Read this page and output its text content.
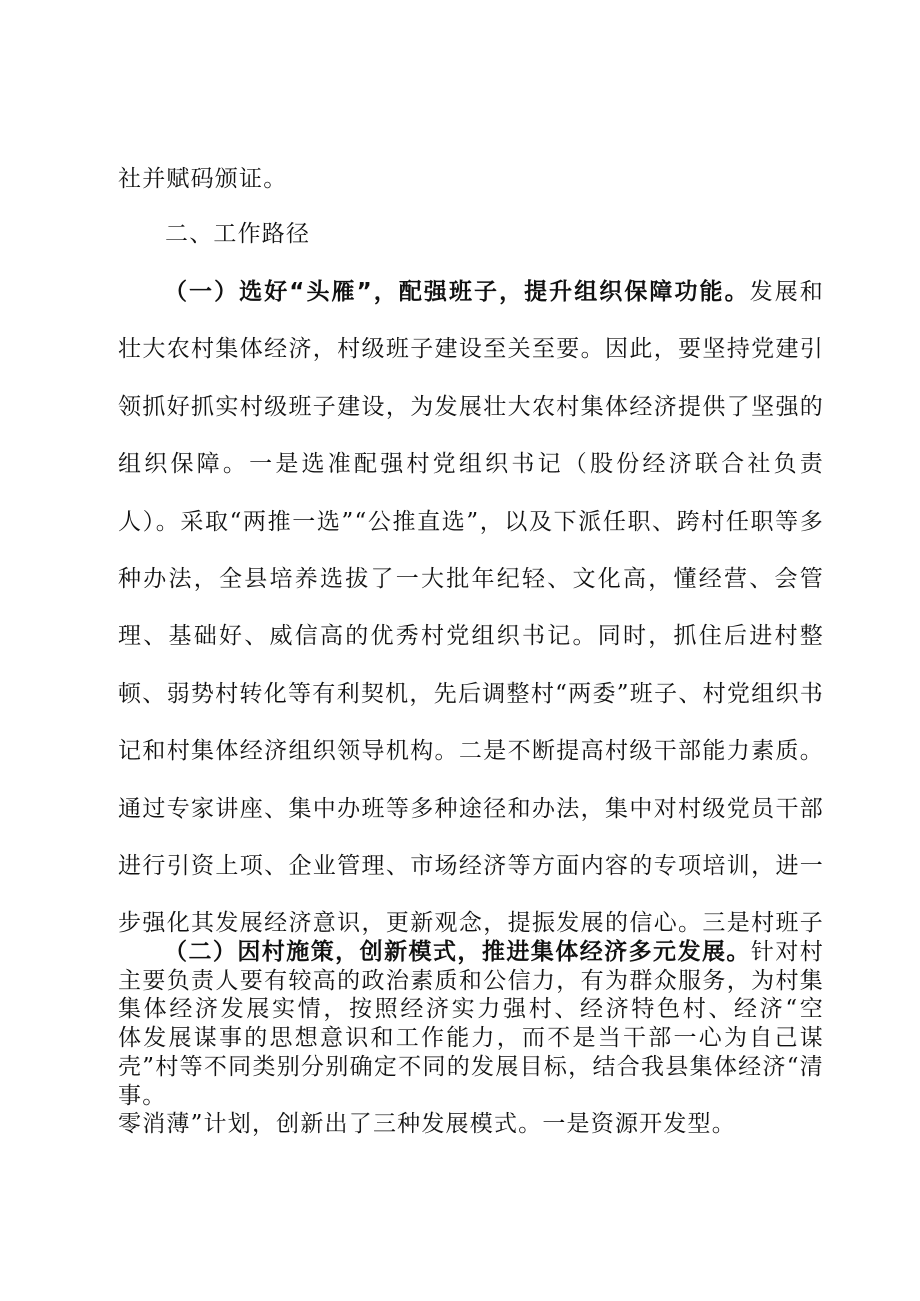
社并赋码颁证。
二、工作路径
（一）选好“头雁”，配强班子，提升组织保障功能。发展和壮大农村集体经济，村级班子建设至关至要。因此，要坚持党建引领抓好抓实村级班子建设，为发展壮大农村集体经济提供了坚强的组织保障。一是选准配强村党组织书记（股份经济联合社负责人）。采取“两推一选”“公推直选”，以及下派任职、跨村任职等多种办法，全县培养选拔了一大批年纪轻、文化高，懂经营、会管理、基础好、威信高的优秀村党组织书记。同时，抓住后进村整顿、弱势村转化等有利契机，先后调整村“两委”班子、村党组织书记和村集体经济组织领导机构。二是不断提高村级干部能力素质。通过专家讲座、集中办班等多种途径和办法，集中对村级党员干部进行引资上项、企业管理、市场经济等方面内容的专项培训，进一步强化其发展经济意识，更新观念，提振发展的信心。三是村班子主要负责人要有较高的政治素质和公信力，有为群众服务，为村集体发展谋事的思想意识和工作能力，而不是当干部一心为自己谋事。
（二）因村施策，创新模式，推进集体经济多元发展。针对村集体经济发展实情，按照经济实力强村、经济特色村、经济“空壳”村等不同类别分别确定不同的发展目标，结合我县集体经济“清零消薄”计划，创新出了三种发展模式。一是资源开发型。
